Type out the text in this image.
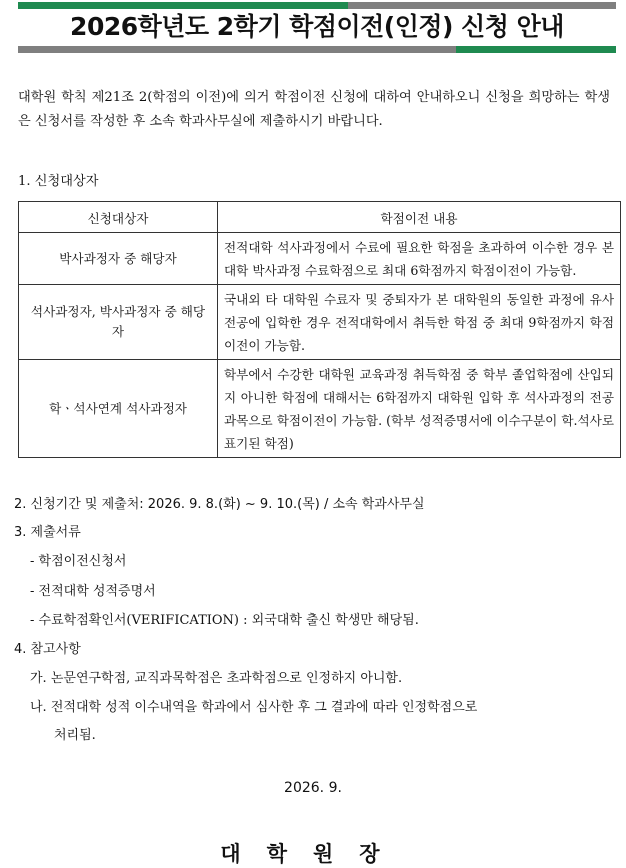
2026학년도 2학기 학점이전(인정) 신청 안내
대학원 학칙 제21조 2(학점의 이전)에 의거 학점이전 신청에 대하여 안내하오니 신청을 희망하는 학생은 신청서를 작성한 후 소속 학과사무실에 제출하시기 바랍니다.
1. 신청대상자
신청대상자	학점이전 내용
박사과정자 중 해당자	전적대학 석사과정에서 수료에 필요한 학점을 초과하여 이수한 경우 본 대학 박사과정 수료학점으로 최대 6학점까지 학점이전이 가능함.
석사과정자, 박사과정자 중 해당자	국내외 타 대학원 수료자 및 중퇴자가 본 대학원의 동일한 과정에 유사전공에 입학한 경우 전적대학에서 취득한 학점 중 최대 9학점까지 학점이전이 가능함.
학ㆍ석사연계 석사과정자	학부에서 수강한 대학원 교육과정 취득학점 중 학부 졸업학점에 산입되지 아니한 학점에 대해서는 6학점까지 대학원 입학 후 석사과정의 전공과목으로 학점이전이 가능함. (학부 성적증명서에 이수구분이 학.석사로 표기된 학점)
2. 신청기간 및 제출처: 2026. 9. 8.(화) ~ 9. 10.(목) / 소속 학과사무실
3. 제출서류
- 학점이전신청서
- 전적대학 성적증명서
- 수료학점확인서(VERIFICATION) : 외국대학 출신 학생만 해당됨.
4. 참고사항
가. 논문연구학점, 교직과목학점은 초과학점으로 인정하지 아니함.
나. 전적대학 성적 이수내역을 학과에서 심사한 후 그 결과에 따라 인정학점으로
처리됨.
2026. 9.
대학원장
